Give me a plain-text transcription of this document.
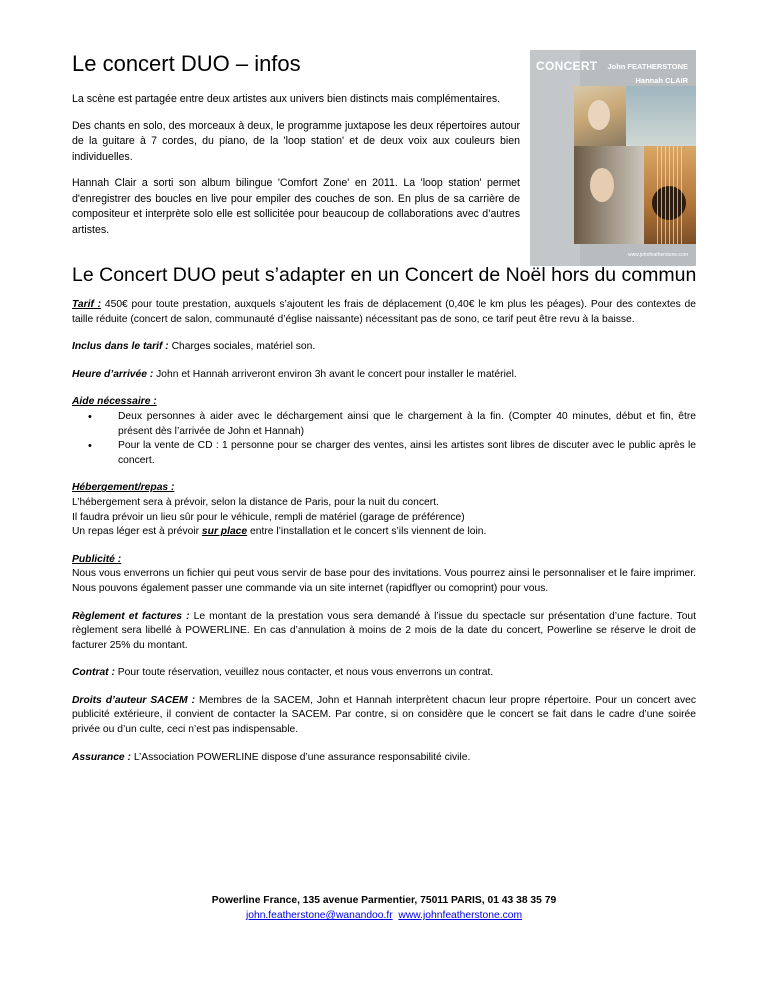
Le concert DUO – infos

La scène est partagée entre deux artistes aux univers bien distincts mais complémentaires.

Des chants en solo, des morceaux à deux, le programme juxtapose les deux répertoires autour de la guitare à 7 cordes, du piano, de la 'loop station' et de deux voix aux couleurs bien individuelles.

Hannah Clair a sorti son album bilingue 'Comfort Zone' en 2011. La 'loop station' permet d'enregistrer des boucles en live pour empiler des couches de son. En plus de sa carrière de compositeur et interprète solo elle est sollicitée pour beaucoup de collaborations avec d’autres artistes.

CONCERT John FEATHERSTONE
Hannah CLAIR
www.johnfeatherstone.com
Le Concert DUO peut s’adapter en un Concert de Noël hors du commun

Tarif : 450€ pour toute prestation, auxquels s’ajoutent les frais de déplacement (0,40€ le km plus les péages). Pour des contextes de taille réduite (concert de salon, communauté d’église naissante) nécessitant pas de sono, ce tarif peut être revu à la baisse.

Inclus dans le tarif : Charges sociales, matériel son.

Heure d’arrivée : John et Hannah arriveront environ 3h avant le concert pour installer le matériel.

Aide nécessaire :
•	Deux personnes à aider avec le déchargement ainsi que le chargement à la fin. (Compter 40 minutes, début et fin, être présent dès l’arrivée de John et Hannah)
•	Pour la vente de CD : 1 personne pour se charger des ventes, ainsi les artistes sont libres de discuter avec le public après le concert.
Hébergement/repas :
L’hébergement sera à prévoir, selon la distance de Paris, pour la nuit du concert.
Il faudra prévoir un lieu sûr pour le véhicule, rempli de matériel (garage de préférence)
Un repas léger est à prévoir sur place entre l’installation et le concert s’ils viennent de loin.
Publicité :
Nous vous enverrons un fichier qui peut vous servir de base pour des invitations. Vous pourrez ainsi le personnaliser et le faire imprimer. Nous pouvons également passer une commande via un site internet (rapidflyer ou comoprint) pour vous.

Règlement et factures : Le montant de la prestation vous sera demandé à l’issue du spectacle sur présentation d’une facture. Tout règlement sera libellé à POWERLINE. En cas d’annulation à moins de 2 mois de la date du concert, Powerline se réserve le droit de facturer 25% du montant.

Contrat : Pour toute réservation, veuillez nous contacter, et nous vous enverrons un contrat.

Droits d’auteur SACEM : Membres de la SACEM, John et Hannah interprètent chacun leur propre répertoire. Pour un concert avec publicité extérieure, il convient de contacter la SACEM. Par contre, si on considère que le concert se fait dans le cadre d’une soirée privée ou d’un culte, ceci n’est pas indispensable.

Assurance : L’Association POWERLINE dispose d’une assurance responsabilité civile.

Powerline France, 135 avenue Parmentier, 75011 PARIS, 01 43 38 35 79
john.featherstone@wanandoo.fr www.johnfeatherstone.com
